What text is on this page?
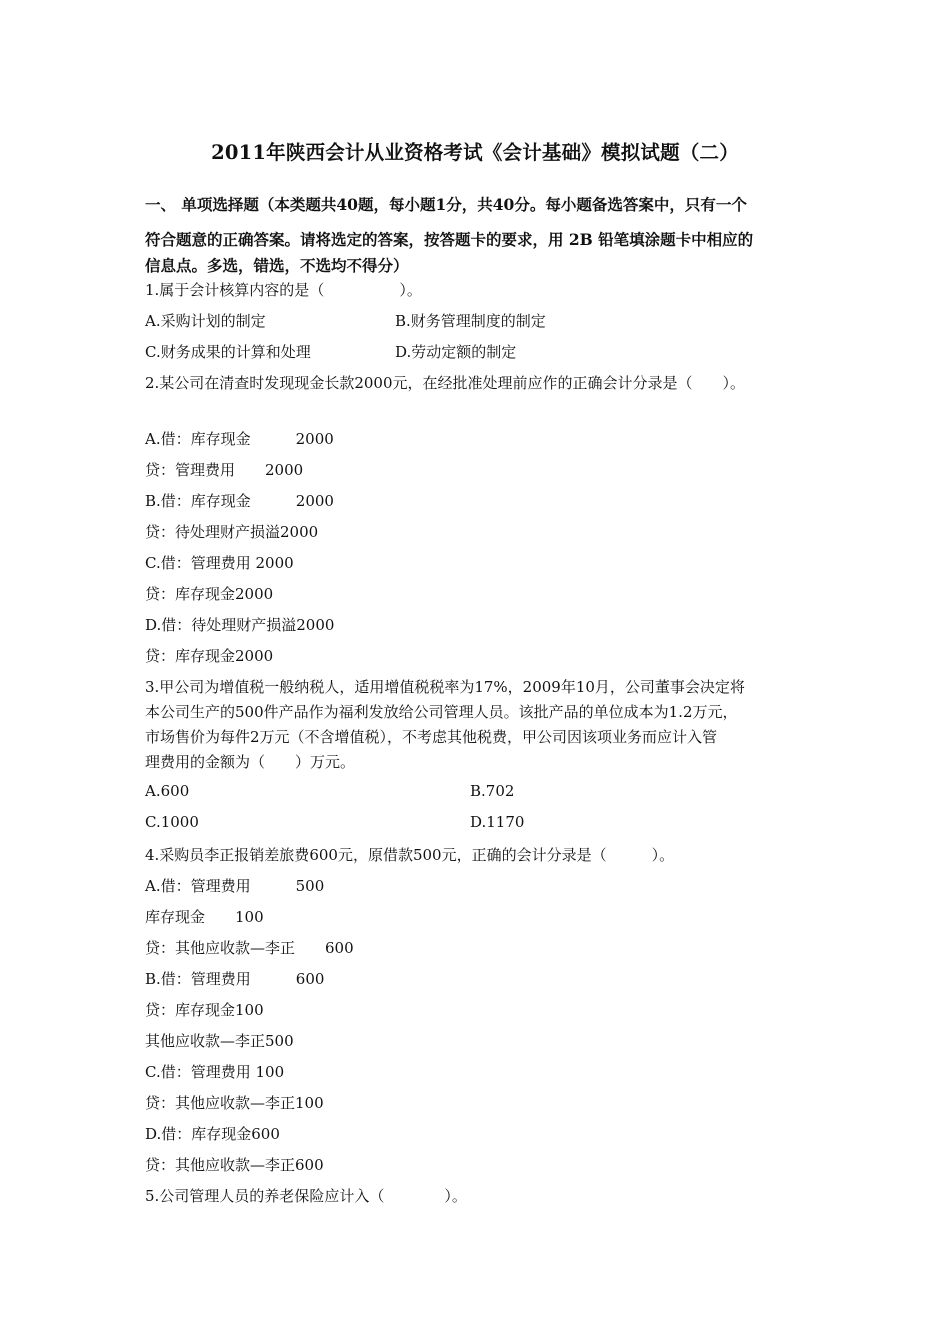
2011年陕西会计从业资格考试《会计基础》模拟试题（二）
一、 单项选择题（本类题共40题，每小题1分，共40分。每小题备选答案中，只有一个
符合题意的正确答案。请将选定的答案，按答题卡的要求，用 2B 铅笔填涂题卡中相应的
信息点。多选，错选，不选均不得分）
1.属于会计核算内容的是（　　　　　）。
A.采购计划的制定	B.财务管理制度的制定
C.财务成果的计算和处理	D.劳动定额的制定
2.某公司在清查时发现现金长款2000元，在经批准处理前应作的正确会计分录是（　　）。
A.借：库存现金　　　2000
贷：管理费用　　2000
B.借：库存现金　　　2000
贷：待处理财产损溢2000
C.借：管理费用 2000
贷：库存现金2000
D.借：待处理财产损溢2000
贷：库存现金2000
3.甲公司为增值税一般纳税人，适用增值税税率为17%，2009年10月，公司董事会决定将
本公司生产的500件产品作为福利发放给公司管理人员。该批产品的单位成本为1.2万元，
市场售价为每件2万元（不含增值税），不考虑其他税费，甲公司因该项业务而应计入管
理费用的金额为（　　）万元。
A.600	B.702
C.1000	D.1170
4.采购员李正报销差旅费600元，原借款500元，正确的会计分录是（　　　）。
A.借：管理费用　　　500
库存现金　　100
贷：其他应收款—李正　　600
B.借：管理费用　　　600
贷：库存现金100
其他应收款—李正500
C.借：管理费用 100
贷：其他应收款—李正100
D.借：库存现金600
贷：其他应收款—李正600
5.公司管理人员的养老保险应计入（　　　　）。
